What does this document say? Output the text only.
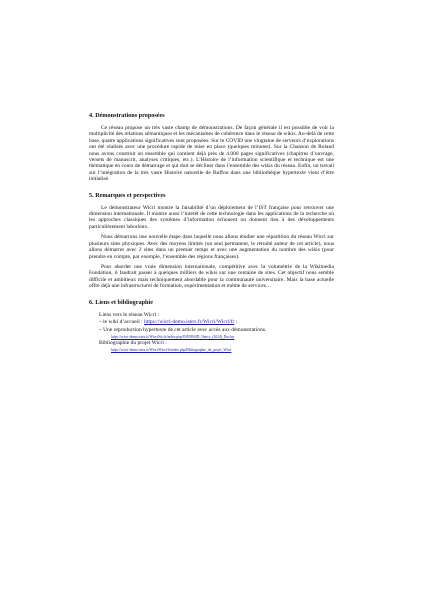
4. Démonstrations proposées

Ce réseau propose un très vaste champ de démonstrations. De façon générale il est possible de voir la multiplicité des relations sémantiques et les mécanismes de cohérence dans le réseau de wikis. Au-delà de cette base, quatre applications significatives sont proposées. Sur le COVID une vingtaine de serveurs d’explorations ont été réalisés avec une procédure rapide de mise en place (quelques minutes). Sur la Chanson de Roland nous avons construit un ensemble qui contient déjà près de 4.000 pages significatives (chapitres d’ouvrage, versets de manuscrit, analyses critiques, etc.). L’Histoire de l’information scientifique et technique est une thématique en cours de démarrage et qui doit se décliner dans l’ensemble des wikis du réseau. Enfin, un travail sur l’intégration de la très vaste Histoire naturelle de Buffon dans une bibliothèque hypertexte vient d’être initialisé.

5. Remarques et perspectives

Le démonstrateur Wicri montre la faisabilité d’un déploiement de l’IST française pour retrouver une dimension internationale. Il montre aussi l’intérêt de cette technologie dans les applications de la recherche où les approches classiques des systèmes d’information échouent ou donnent lieu à des développements particulièrement laborieux.

Nous démarrons une nouvelle étape dans laquelle nous allons étudier une répartition du réseau Wicri sur plusieurs sites physiques. Avec des moyens limités (un seul permanent, le retraité auteur de cet article), nous allons démarrer avec 2 sites dans un premier temps et avec une augmentation du nombre des wikis (pour prendre en compte, par exemple, l’ensemble des régions françaises).

Pour aborder une vraie dimension internationale, compétitive avec la volumétrie de la Wikimedia Fundation, il faudrait passer à quelques milliers de wikis sur une centaine de sites. Cet objectif nous semble difficile et ambitieux mais techniquement abordable pour la communauté universitaire. Mais la base actuelle offre déjà une infrastructurel de formation, expérimentation et même de services…

6. Liens et bibliographie
Liens vers le réseau Wicri :
– le wiki d’accueil : https://wicri-demo.istex.fr/Wicri/Wicri/fr ;
– Une reproduction hypertexte de cet article avec accès aux démonstrations.
https://wicri-demo.istex.fr/Wicri/Sic/fr/index.php/INFORSID_Nancy_(2024)_Ducloy
Bibliographie du projet Wicri :
https://wicri-demo.istex.fr/Wicri/Wicri/fr/index.php/Bibliographie_du_projet_Wicri
